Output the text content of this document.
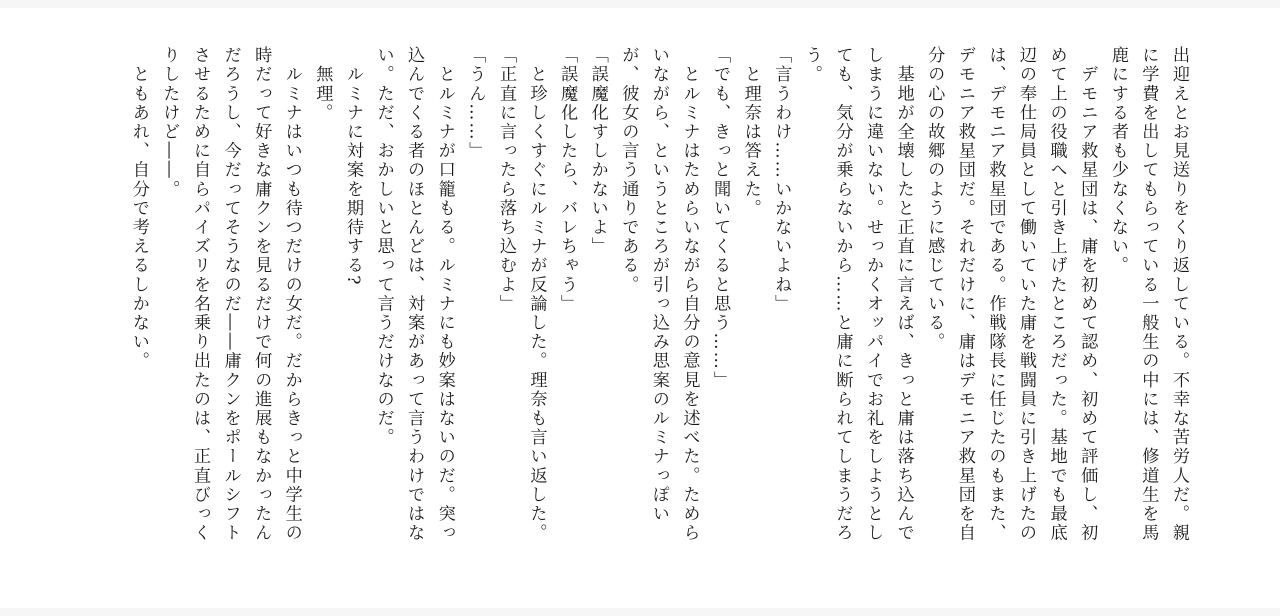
出迎えとお見送りをくり返している。不幸な苦労人だ。親
に学費を出してもらっている一般生の中には、修道生を馬
鹿にする者も少なくない。

　デモニア救星団は、庸を初めて認め、初めて評価し、初
めて上の役職へと引き上げたところだった。基地でも最底
辺の奉仕局員として働いていた庸を戦闘員に引き上げたの
は、デモニア救星団である。作戦隊長に任じたのもまた、
デモニア救星団だ。それだけに、庸はデモニア救星団を自
分の心の故郷のように感じている。

　基地が全壊したと正直に言えば、きっと庸は落ち込んで
しまうに違いない。せっかくオッパイでお礼をしようとし
ても、気分が乗らないから……と庸に断られてしまうだろ
う。

「言うわけ……いかないよね」

　と理奈は答えた。

「でも、きっと聞いてくると思う……」

　とルミナはためらいながら自分の意見を述べた。ためら
いながら、というところが引っ込み思案のルミナっぽい
が、彼女の言う通りである。

「誤魔化すしかないよ」

「誤魔化したら、バレちゃう」

　と珍しくすぐにルミナが反論した。理奈も言い返した。

「正直に言ったら落ち込むよ」

「うん……」

　とルミナが口籠もる。ルミナにも妙案はないのだ。突っ
込んでくる者のほとんどは、対案があって言うわけではな
い。ただ、おかしいと思って言うだけなのだ。

　ルミナに対案を期待する?

　無理。

　ルミナはいつも待つだけの女だ。だからきっと中学生の
時だって好きな庸クンを見るだけで何の進展もなかったん
だろうし、今だってそうなのだ――庸クンをポールシフト
させるために自らパイズリを名乗り出たのは、正直びっく
りしたけど――。

　ともあれ、自分で考えるしかない。
